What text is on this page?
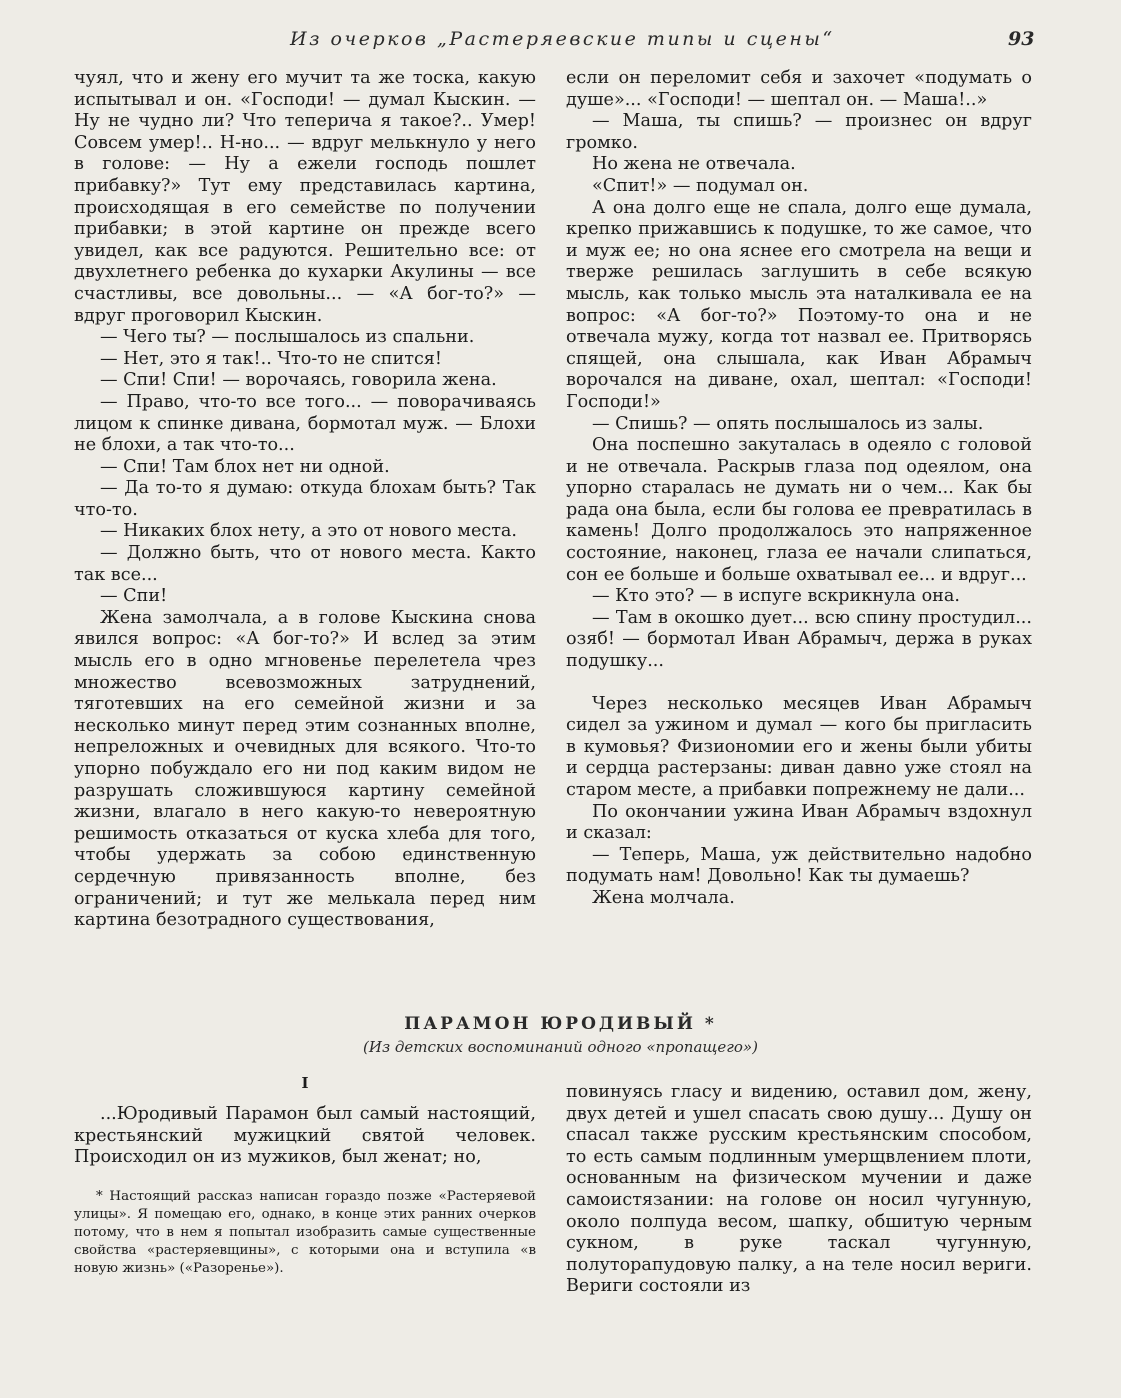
Из очерков „Растеряевские типы и сцены“	93

чуял, что и жену его мучит та же тоска, какую испытывал и он. «Господи! — думал Кыскин. — Ну не чудно ли? Что теперича я такое?.. Умер! Совсем умер!.. Н-но... — вдруг мелькнуло у него в голове: — Ну а ежели господь пошлет прибавку?» Тут ему представилась картина, происходящая в его семействе по получении прибавки; в этой картине он прежде всего увидел, как все радуются. Решительно все: от двухлетнего ребенка до кухарки Акулины — все счастливы, все довольны... — «А бог-то?» — вдруг проговорил Кыскин.

— Чего ты? — послышалось из спальни.

— Нет, это я так!.. Что-то не спится!

— Спи! Спи! — ворочаясь, говорила жена.

— Право, что-то все того... — поворачиваясь лицом к спинке дивана, бормотал муж. — Блохи не блохи, а так что-то...

— Спи! Там блох нет ни одной.

— Да то-то я думаю: откуда блохам быть? Так что-то.

— Никаких блох нету, а это от нового места.

— Должно быть, что от нового места. Както так все...

— Спи!

Жена замолчала, а в голове Кыскина снова явился вопрос: «А бог-то?» И вслед за этим мысль его в одно мгновенье перелетела чрез множество всевозможных затруднений, тяготевших на его семейной жизни и за несколько минут перед этим сознанных вполне, непреложных и очевидных для всякого. Что-то упорно побуждало его ни под каким видом не разрушать сложившуюся картину семейной жизни, влагало в него какую-то невероятную решимость отказаться от куска хлеба для того, чтобы удержать за собою единственную сердечную привязанность вполне, без ограничений; и тут же мелькала перед ним картина безотрадного существования,

если он переломит себя и захочет «подумать о душе»... «Господи! — шептал он. — Маша!..»

— Маша, ты спишь? — произнес он вдруг громко.

Но жена не отвечала.

«Спит!» — подумал он.

А она долго еще не спала, долго еще думала, крепко прижавшись к подушке, то же самое, что и муж ее; но она яснее его смотрела на вещи и тверже решилась заглушить в себе всякую мысль, как только мысль эта наталкивала ее на вопрос: «А бог-то?» Поэтому-то она и не отвечала мужу, когда тот назвал ее. Притворясь спящей, она слышала, как Иван Абрамыч ворочался на диване, охал, шептал: «Господи! Господи!»

— Спишь? — опять послышалось из залы.

Она поспешно закуталась в одеяло с головой и не отвечала. Раскрыв глаза под одеялом, она упорно старалась не думать ни о чем... Как бы рада она была, если бы голова ее превратилась в камень! Долго продолжалось это напряженное состояние, наконец, глаза ее начали слипаться, сон ее больше и больше охватывал ее... и вдруг...

— Кто это? — в испуге вскрикнула она.

— Там в окошко дует... всю спину простудил... озяб! — бормотал Иван Абрамыч, держа в руках подушку...

Через несколько месяцев Иван Абрамыч сидел за ужином и думал — кого бы пригласить в кумовья? Физиономии его и жены были убиты и сердца растерзаны: диван давно уже стоял на старом месте, а прибавки попрежнему не дали...

По окончании ужина Иван Абрамыч вздохнул и сказал:

— Теперь, Маша, уж действительно надобно подумать нам! Довольно! Как ты думаешь?

Жена молчала.

ПАРАМОН ЮРОДИВЫЙ *
(Из детских воспоминаний одного «пропащего»)
I

...Юродивый Парамон был самый настоящий, крестьянский мужицкий святой человек. Происходил он из мужиков, был женат; но,

* Настоящий рассказ написан гораздо позже «Растеряевой улицы». Я помещаю его, однако, в конце этих ранних очерков потому, что в нем я попытал изобразить самые существенные свойства «растеряевщины», с которыми она и вступила «в новую жизнь» («Разоренье»).

повинуясь гласу и видению, оставил дом, жену, двух детей и ушел спасать свою душу... Душу он спасал также русским крестьянским способом, то есть самым подлинным умерщвлением плоти, основанным на физическом мучении и даже самоистязании: на голове он носил чугунную, около полпуда весом, шапку, обшитую черным сукном, в руке таскал чугунную, полуторапудовую палку, а на теле носил вериги. Вериги состояли из
